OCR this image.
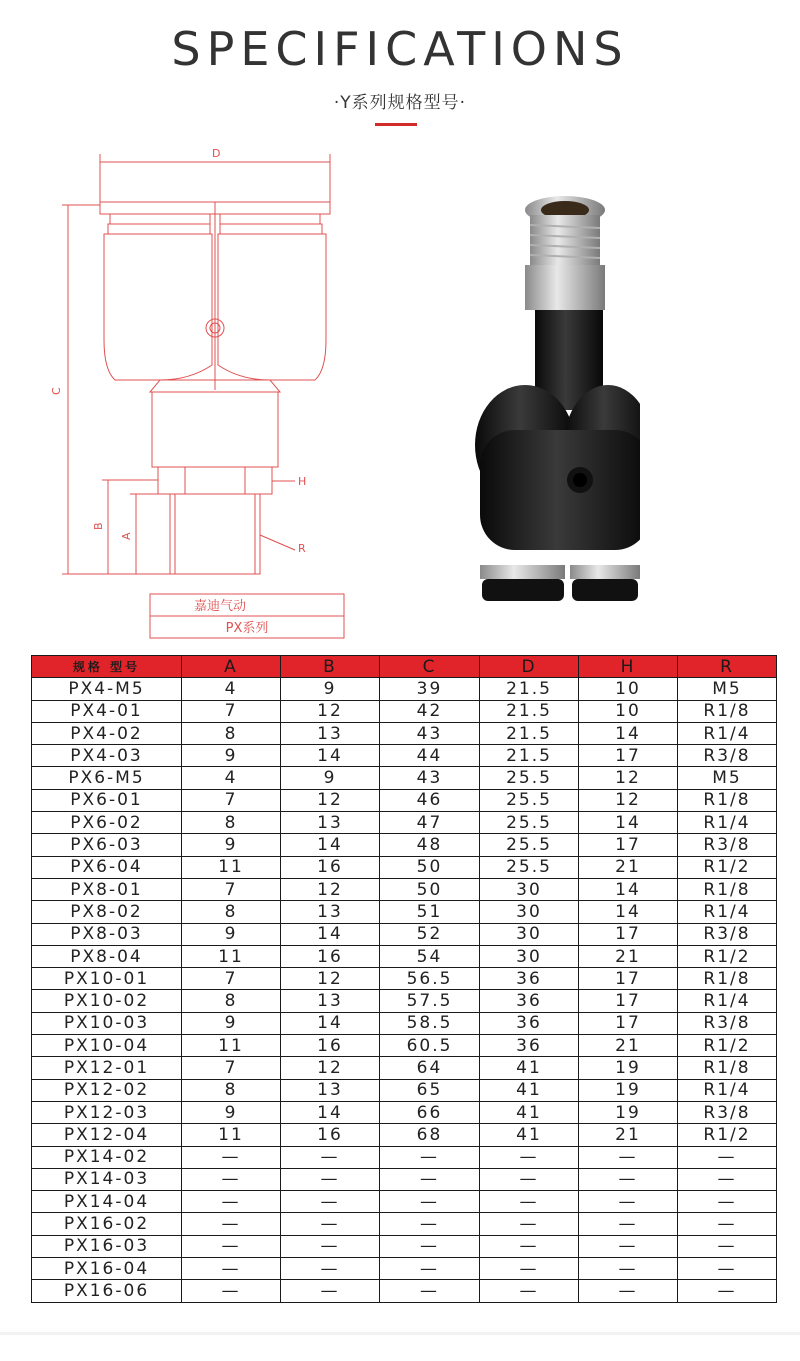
SPECIFICATIONS
·Y系列规格型号·
D
C
B
A
H
R
嘉迪气动
PX系列
规格 型号	A	B	C	D	H	R
PX4-M5	4	9	39	21.5	10	M5
PX4-01	7	12	42	21.5	10	R1/8
PX4-02	8	13	43	21.5	14	R1/4
PX4-03	9	14	44	21.5	17	R3/8
PX6-M5	4	9	43	25.5	12	M5
PX6-01	7	12	46	25.5	12	R1/8
PX6-02	8	13	47	25.5	14	R1/4
PX6-03	9	14	48	25.5	17	R3/8
PX6-04	11	16	50	25.5	21	R1/2
PX8-01	7	12	50	30	14	R1/8
PX8-02	8	13	51	30	14	R1/4
PX8-03	9	14	52	30	17	R3/8
PX8-04	11	16	54	30	21	R1/2
PX10-01	7	12	56.5	36	17	R1/8
PX10-02	8	13	57.5	36	17	R1/4
PX10-03	9	14	58.5	36	17	R3/8
PX10-04	11	16	60.5	36	21	R1/2
PX12-01	7	12	64	41	19	R1/8
PX12-02	8	13	65	41	19	R1/4
PX12-03	9	14	66	41	19	R3/8
PX12-04	11	16	68	41	21	R1/2
PX14-02	—	—	—	—	—	—
PX14-03	—	—	—	—	—	—
PX14-04	—	—	—	—	—	—
PX16-02	—	—	—	—	—	—
PX16-03	—	—	—	—	—	—
PX16-04	—	—	—	—	—	—
PX16-06	—	—	—	—	—	—
